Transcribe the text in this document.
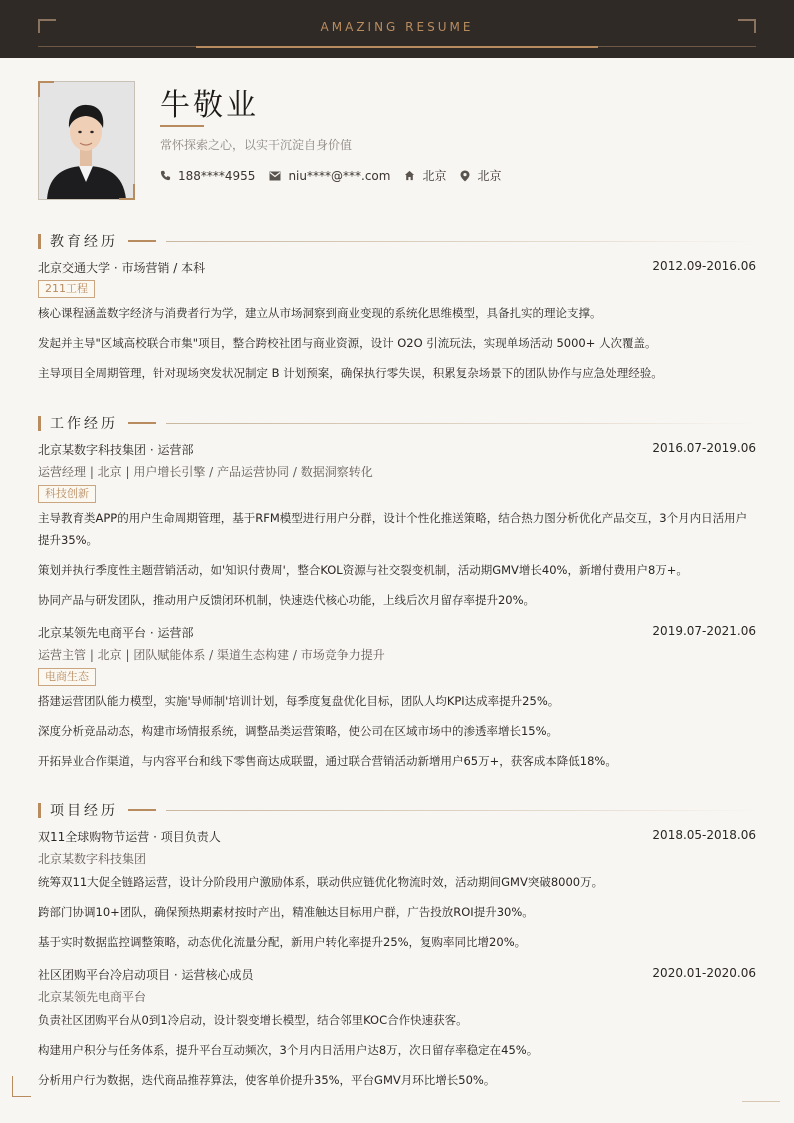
AMAZING RESUME
牛敬业
常怀探索之心，以实干沉淀自身价值
188****4955	niu****@***.com	北京	北京
教育经历
北京交通大学 · 市场营销 / 本科	2012.09-2016.06
211工程
核心课程涵盖数字经济与消费者行为学，建立从市场洞察到商业变现的系统化思维模型，具备扎实的理论支撑。
发起并主导"区域高校联合市集"项目，整合跨校社团与商业资源，设计 O2O 引流玩法，实现单场活动 5000+ 人次覆盖。
主导项目全周期管理，针对现场突发状况制定 B 计划预案，确保执行零失误，积累复杂场景下的团队协作与应急处理经验。
工作经历
北京某数字科技集团 · 运营部	2016.07-2019.06
运营经理 | 北京 | 用户增长引擎 / 产品运营协同 / 数据洞察转化
科技创新
主导教育类APP的用户生命周期管理，基于RFM模型进行用户分群，设计个性化推送策略，结合热力图分析优化产品交互，3个月内日活用户提升35%。
策划并执行季度性主题营销活动，如'知识付费周'，整合KOL资源与社交裂变机制，活动期GMV增长40%，新增付费用户8万+。
协同产品与研发团队，推动用户反馈闭环机制，快速迭代核心功能，上线后次月留存率提升20%。
北京某领先电商平台 · 运营部	2019.07-2021.06
运营主管 | 北京 | 团队赋能体系 / 渠道生态构建 / 市场竞争力提升
电商生态
搭建运营团队能力模型，实施'导师制'培训计划，每季度复盘优化目标，团队人均KPI达成率提升25%。
深度分析竞品动态，构建市场情报系统，调整品类运营策略，使公司在区域市场中的渗透率增长15%。
开拓异业合作渠道，与内容平台和线下零售商达成联盟，通过联合营销活动新增用户65万+，获客成本降低18%。
项目经历
双11全球购物节运营 · 项目负责人	2018.05-2018.06
北京某数字科技集团
统筹双11大促全链路运营，设计分阶段用户激励体系，联动供应链优化物流时效，活动期间GMV突破8000万。
跨部门协调10+团队，确保预热期素材按时产出，精准触达目标用户群，广告投放ROI提升30%。
基于实时数据监控调整策略，动态优化流量分配，新用户转化率提升25%，复购率同比增20%。
社区团购平台冷启动项目 · 运营核心成员	2020.01-2020.06
北京某领先电商平台
负责社区团购平台从0到1冷启动，设计裂变增长模型，结合邻里KOC合作快速获客。
构建用户积分与任务体系，提升平台互动频次，3个月内日活用户达8万，次日留存率稳定在45%。
分析用户行为数据，迭代商品推荐算法，使客单价提升35%，平台GMV月环比增长50%。
